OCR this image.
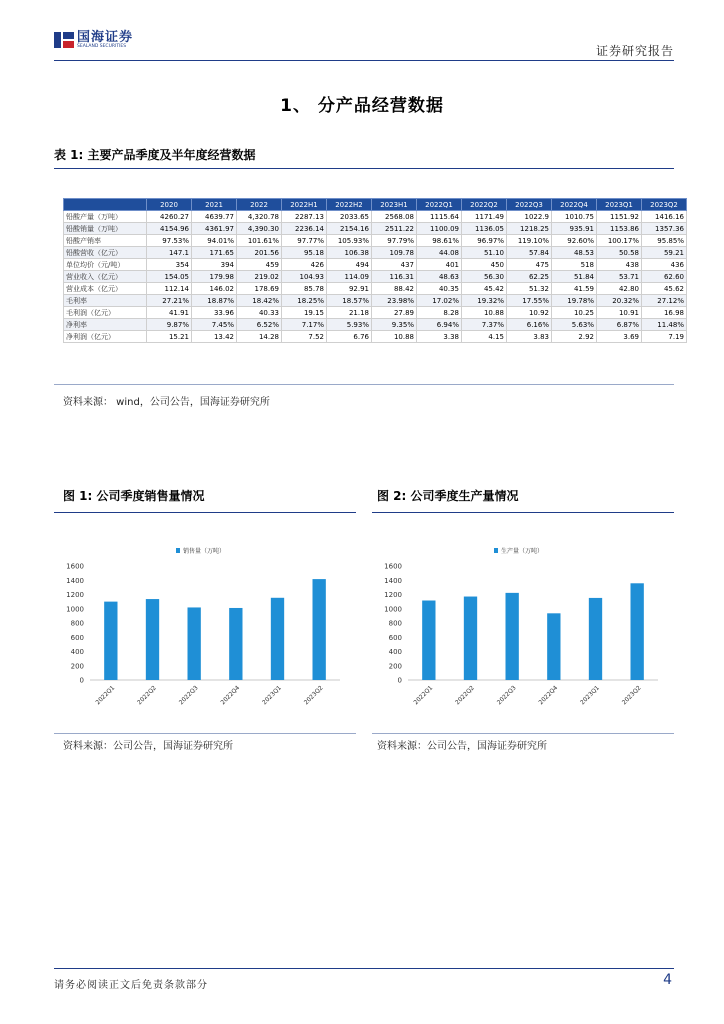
国海证券
SEALAND SECURITIES	证券研究报告
1、 分产品经营数据
表 1: 主要产品季度及半年度经营数据
	2020	2021	2022	2022H1	2022H2	2023H1	2022Q1	2022Q2	2022Q3	2022Q4	2023Q1	2023Q2
铅酸产量（万吨）	4260.27	4639.77	4,320.78	2287.13	2033.65	2568.08	1115.64	1171.49	1022.9	1010.75	1151.92	1416.16
铅酸销量（万吨）	4154.96	4361.97	4,390.30	2236.14	2154.16	2511.22	1100.09	1136.05	1218.25	935.91	1153.86	1357.36
铅酸产销率	97.53%	94.01%	101.61%	97.77%	105.93%	97.79%	98.61%	96.97%	119.10%	92.60%	100.17%	95.85%
铅酸营收（亿元）	147.1	171.65	201.56	95.18	106.38	109.78	44.08	51.10	57.84	48.53	50.58	59.21
单位均价（元/吨）	354	394	459	426	494	437	401	450	475	518	438	436
营业收入（亿元）	154.05	179.98	219.02	104.93	114.09	116.31	48.63	56.30	62.25	51.84	53.71	62.60
营业成本（亿元）	112.14	146.02	178.69	85.78	92.91	88.42	40.35	45.42	51.32	41.59	42.80	45.62
毛利率	27.21%	18.87%	18.42%	18.25%	18.57%	23.98%	17.02%	19.32%	17.55%	19.78%	20.32%	27.12%
毛利润（亿元）	41.91	33.96	40.33	19.15	21.18	27.89	8.28	10.88	10.92	10.25	10.91	16.98
净利率	9.87%	7.45%	6.52%	7.17%	5.93%	9.35%	6.94%	7.37%	6.16%	5.63%	6.87%	11.48%
净利润（亿元）	15.21	13.42	14.28	7.52	6.76	10.88	3.38	4.15	3.83	2.92	3.69	7.19
资料来源： wind，公司公告，国海证券研究所
图 1: 公司季度销售量情况	图 2: 公司季度生产量情况
销售量（万吨）
0
200
400
600
800
1000
1200
1400
1600
2022Q1	2022Q2	2022Q3	2022Q4	2023Q1	2023Q2
生产量（万吨）
0
200
400
600
800
1000
1200
1400
1600
2022Q1	2022Q2	2022Q3	2022Q4	2023Q1	2023Q2
资料来源：公司公告，国海证券研究所	资料来源：公司公告，国海证券研究所
请务必阅读正文后免责条款部分	4
